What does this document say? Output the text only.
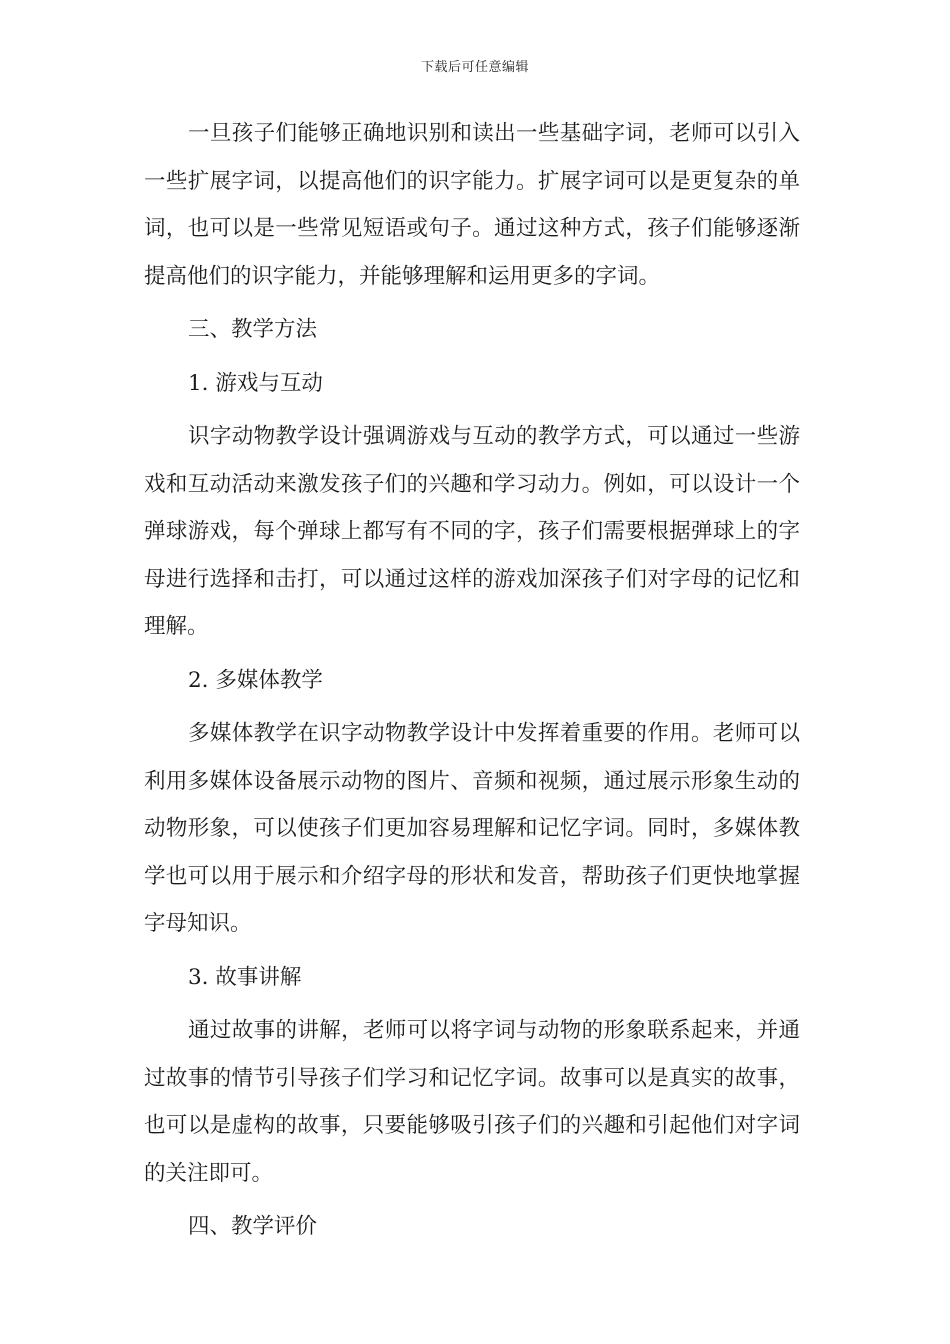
下载后可任意编辑

一旦孩子们能够正确地识别和读出一些基础字词，老师可以引入一些扩展字词，以提高他们的识字能力。扩展字词可以是更复杂的单词，也可以是一些常见短语或句子。通过这种方式，孩子们能够逐渐提高他们的识字能力，并能够理解和运用更多的字词。

三、教学方法

1. 游戏与互动

识字动物教学设计强调游戏与互动的教学方式，可以通过一些游戏和互动活动来激发孩子们的兴趣和学习动力。例如，可以设计一个弹球游戏，每个弹球上都写有不同的字，孩子们需要根据弹球上的字母进行选择和击打，可以通过这样的游戏加深孩子们对字母的记忆和理解。

2. 多媒体教学

多媒体教学在识字动物教学设计中发挥着重要的作用。老师可以利用多媒体设备展示动物的图片、音频和视频，通过展示形象生动的动物形象，可以使孩子们更加容易理解和记忆字词。同时，多媒体教学也可以用于展示和介绍字母的形状和发音，帮助孩子们更快地掌握字母知识。

3. 故事讲解

通过故事的讲解，老师可以将字词与动物的形象联系起来，并通过故事的情节引导孩子们学习和记忆字词。故事可以是真实的故事，也可以是虚构的故事，只要能够吸引孩子们的兴趣和引起他们对字词的关注即可。

四、教学评价
